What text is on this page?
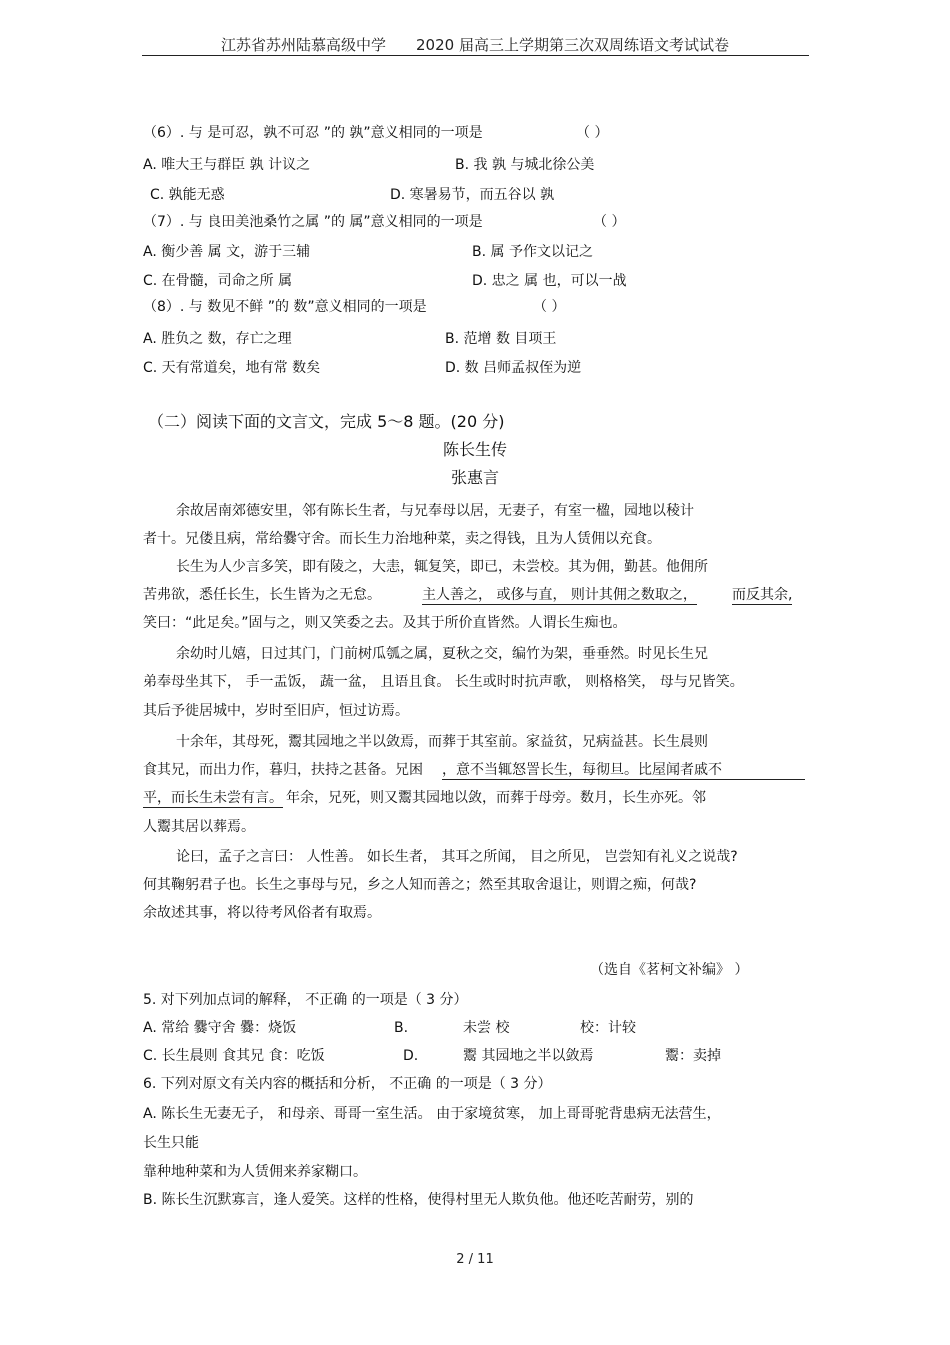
江苏省苏州陆慕高级中学　　2020 届高三上学期第三次双周练语文考试试卷
（6）. 与 是可忍，孰不可忍 ”的 孰”意义相同的一项是	（ ）
A. 唯大王与群臣 孰 计议之	B. 我 孰 与城北徐公美
C. 孰能无惑	D. 寒暑易节，而五谷以 孰
（7）. 与 良田美池桑竹之属 ”的 属”意义相同的一项是	（ ）
A. 衡少善 属 文，游于三辅	B. 属 予作文以记之
C. 在骨髓，司命之所 属	D. 忠之 属 也，可以一战
（8）. 与 数见不鲜 ”的 数”意义相同的一项是	（ ）
A. 胜负之 数，存亡之理	B. 范增 数 目项王
C. 天有常道矣，地有常 数矣	D. 数 吕师孟叔侄为逆
（二）阅读下面的文言文，完成 5～8 题。(20 分)
陈长生传
张惠言
余故居南郊德安里，邻有陈长生者，与兄奉母以居，无妻子，有室一楹，园地以稜计
者十。兄偻且病，常给爨守舍。而长生力治地种菜，卖之得钱，且为人赁佣以充食。
长生为人少言多笑，即有陵之，大恚，辄复笑，即已，未尝校。其为佣，勤甚。他佣所
苦弗欲，悉任长生，长生皆为之无怠。	主人善之， 或侈与直， 则计其佣之数取之，	而反其余,
笑曰：“此足矣。”固与之，则又笑委之去。及其于所价直皆然。人谓长生痴也。
余幼时儿嬉，日过其门，门前树瓜瓠之属，夏秋之交，编竹为架，垂垂然。时见长生兄
弟奉母坐其下， 手一盂饭， 蔬一盆， 且语且食。 长生或时时抗声歌， 则格格笑， 母与兄皆笑。
其后予徙居城中，岁时至旧庐，恒过访焉。
十余年，其母死，鬻其园地之半以敛焉，而葬于其室前。家益贫，兄病益甚。长生晨则
食其兄，而出力作，暮归，扶持之甚备。兄困 ，意不当辄怒詈长生，每彻旦。比屋闻者戚不
平，而长生未尝有言。 年余，兄死，则又鬻其园地以敛，而葬于母旁。数月，长生亦死。邻
人鬻其居以葬焉。
论曰，孟子之言曰： 人性善。 如长生者， 其耳之所闻， 目之所见， 岂尝知有礼义之说哉?
何其鞠躬君子也。长生之事母与兄，乡之人知而善之；然至其取舍退让，则谓之痴，何哉?
余故述其事，将以待考风俗者有取焉。
（选自《茗柯文补编》 ）
5. 对下列加点词的解释， 不正确 的一项是（ 3 分）
A. 常给 爨守舍 爨：烧饭	B.	未尝 校	校：计较
C. 长生晨则 食其兄 食：吃饭	D.	鬻 其园地之半以敛焉	鬻：卖掉
6. 下列对原文有关内容的概括和分析， 不正确 的一项是（ 3 分）
A. 陈长生无妻无子， 和母亲、哥哥一室生活。 由于家境贫寒， 加上哥哥驼背患病无法营生，
长生只能
靠种地种菜和为人赁佣来养家糊口。
B. 陈长生沉默寡言，逢人爱笑。这样的性格，使得村里无人欺负他。他还吃苦耐劳，别的
2 / 11
